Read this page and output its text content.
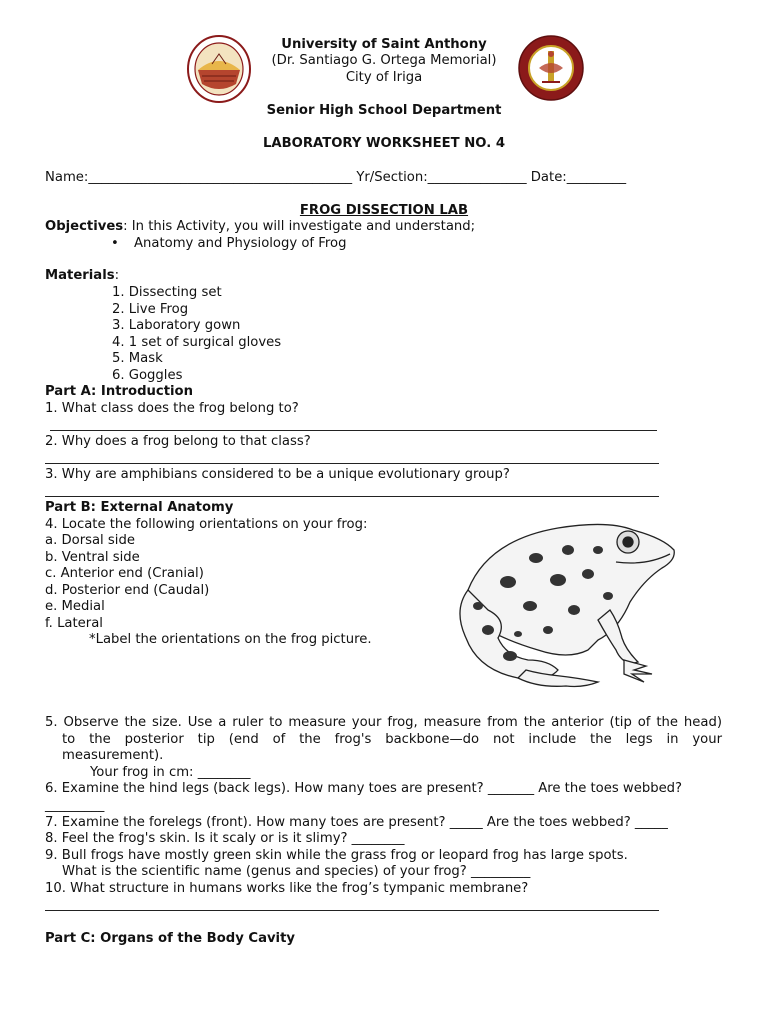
University of Saint Anthony
(Dr. Santiago G. Ortega Memorial)
City of Iriga
Senior High School Department
LABORATORY WORKSHEET NO. 4
Name:________________________________________ Yr/Section:_______________ Date:_________
FROG DISSECTION LAB
Objectives: In this Activity, you will investigate and understand;
• Anatomy and Physiology of Frog
Materials:
1. Dissecting set
2. Live Frog
3. Laboratory gown
4. 1 set of surgical gloves
5. Mask
6. Goggles
Part A: Introduction
1. What class does the frog belong to?
2. Why does a frog belong to that class?
3. Why are amphibians considered to be a unique evolutionary group?
Part B: External Anatomy
4. Locate the following orientations on your frog:
a. Dorsal side
b. Ventral side
c. Anterior end (Cranial)
d. Posterior end (Caudal)
e. Medial
f. Lateral
*Label the orientations on the frog picture.
5. Observe the size. Use a ruler to measure your frog, measure from the anterior (tip of the head)
to the posterior tip (end of the frog's backbone—do not include the legs in your
measurement).
Your frog in cm: ________
6. Examine the hind legs (back legs). How many toes are present? _______ Are the toes webbed?
_________
7. Examine the forelegs (front). How many toes are present? _____ Are the toes webbed? _____
8. Feel the frog's skin. Is it scaly or is it slimy? ________
9. Bull frogs have mostly green skin while the grass frog or leopard frog has large spots.
What is the scientific name (genus and species) of your frog? _________
10. What structure in humans works like the frog’s tympanic membrane?
Part C: Organs of the Body Cavity
